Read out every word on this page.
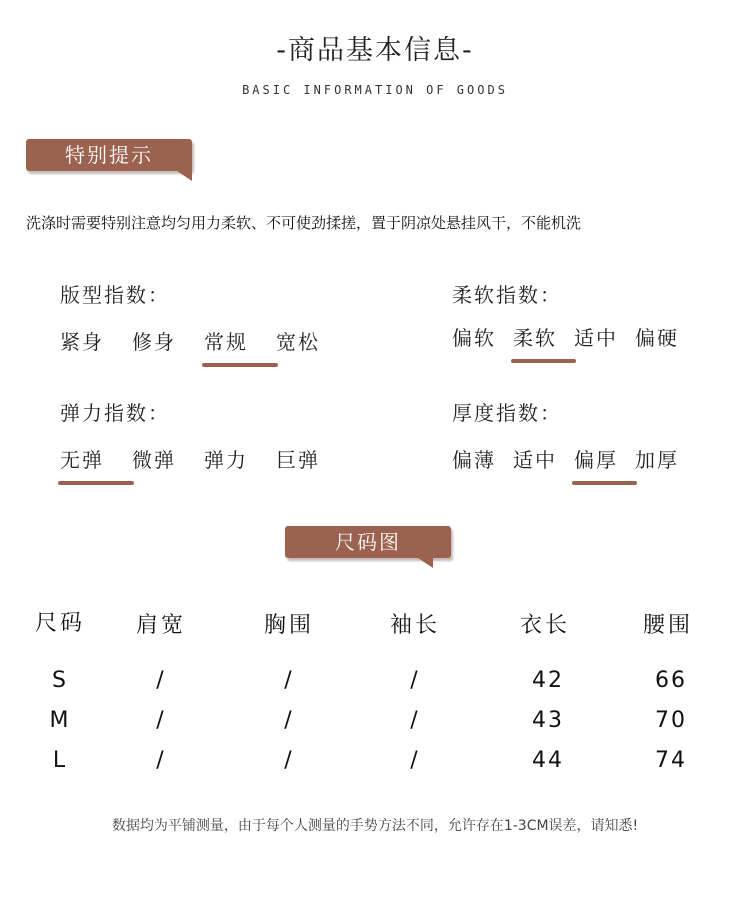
-商品基本信息-
BASIC INFORMATION OF GOODS
特别提示
洗涤时需要特别注意均匀用力柔软、不可使劲揉搓，置于阴凉处悬挂风干，不能机洗
版型指数：
紧身	修身	常规	宽松
柔软指数：
偏软 柔软 适中 偏硬
弹力指数：
无弹	微弹	弹力	巨弹
厚度指数：
偏薄 适中 偏厚 加厚
尺码图
尺码	肩宽	胸围	袖长	衣长	腰围
S	/	/	/	42	66
M	/	/	/	43	70
L	/	/	/	44	74
数据均为平铺测量，由于每个人测量的手势方法不同，允许存在1-3CM误差，请知悉!
